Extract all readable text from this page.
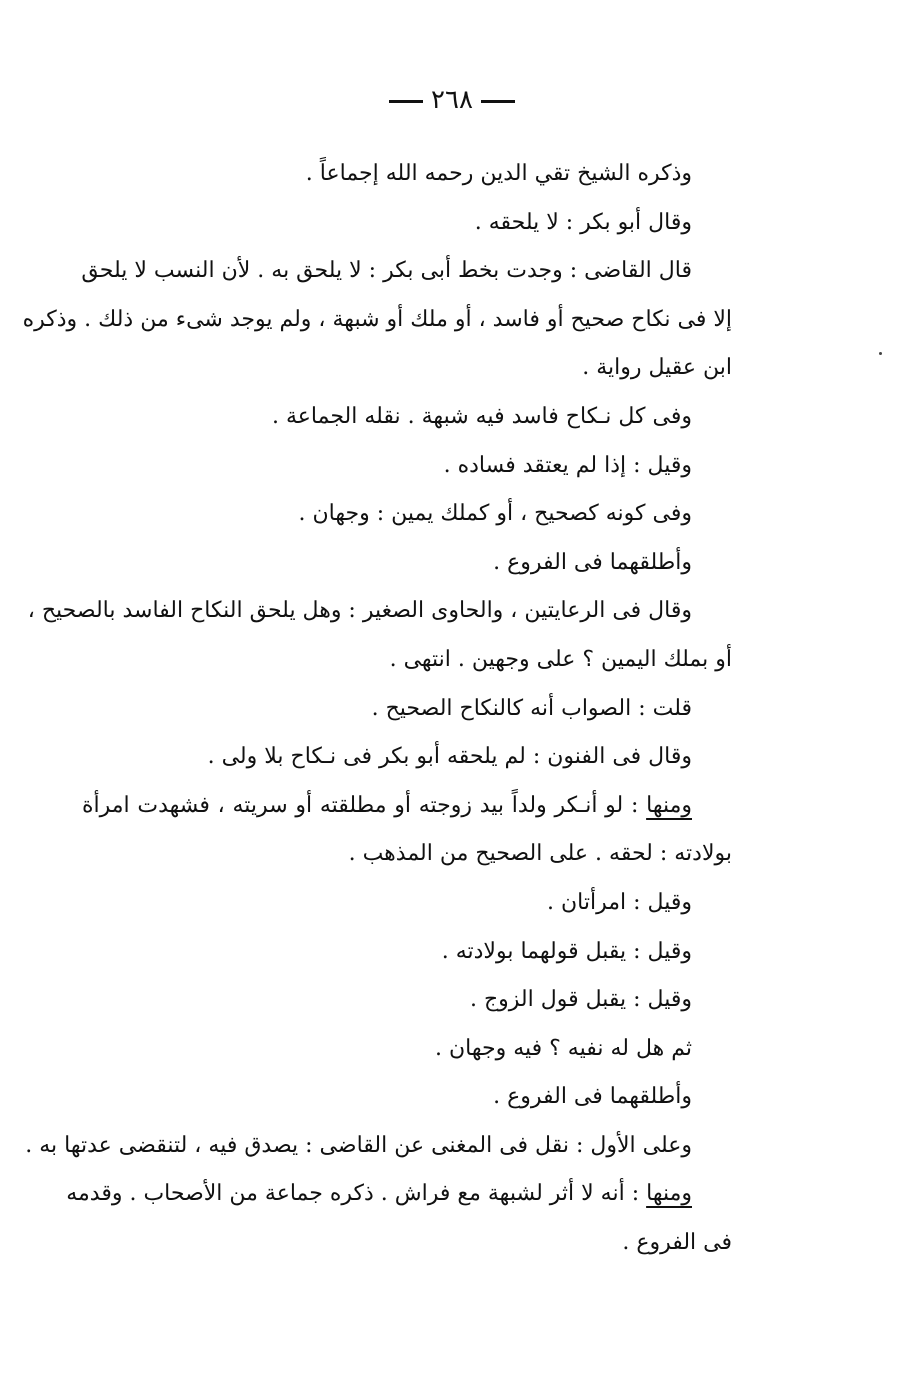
٢٦٨
وذكره الشيخ تقي الدين رحمه الله إجماعاً .
وقال أبو بكر : لا يلحقه .
قال القاضى : وجدت بخط أبى بكر : لا يلحق به . لأن النسب لا يلحق
إلا فى نكاح صحيح أو فاسد ، أو ملك أو شبهة ، ولم يوجد شىء من ذلك . وذكره
ابن عقيل رواية .
وفى كل نـكاح فاسد فيه شبهة . نقله الجماعة .
وقيل : إذا لم يعتقد فساده .
وفى كونه كصحيح ، أو كملك يمين : وجهان .
وأطلقهما فى الفروع .
وقال فى الرعايتين ، والحاوى الصغير : وهل يلحق النكاح الفاسد بالصحيح ،
أو بملك اليمين ؟ على وجهين . انتهى .
قلت : الصواب أنه كالنكاح الصحيح .
وقال فى الفنون : لم يلحقه أبو بكر فى نـكاح بلا ولى .
ومنها : لو أنـكر ولداً بيد زوجته أو مطلقته أو سريته ، فشهدت امرأة
بولادته : لحقه . على الصحيح من المذهب .
وقيل : امرأتان .
وقيل : يقبل قولهما بولادته .
وقيل : يقبل قول الزوج .
ثم هل له نفيه ؟ فيه وجهان .
وأطلقهما فى الفروع .
وعلى الأول : نقل فى المغنى عن القاضى : يصدق فيه ، لتنقضى عدتها به .
ومنها : أنه لا أثر لشبهة مع فراش . ذكره جماعة من الأصحاب . وقدمه
فى الفروع .
